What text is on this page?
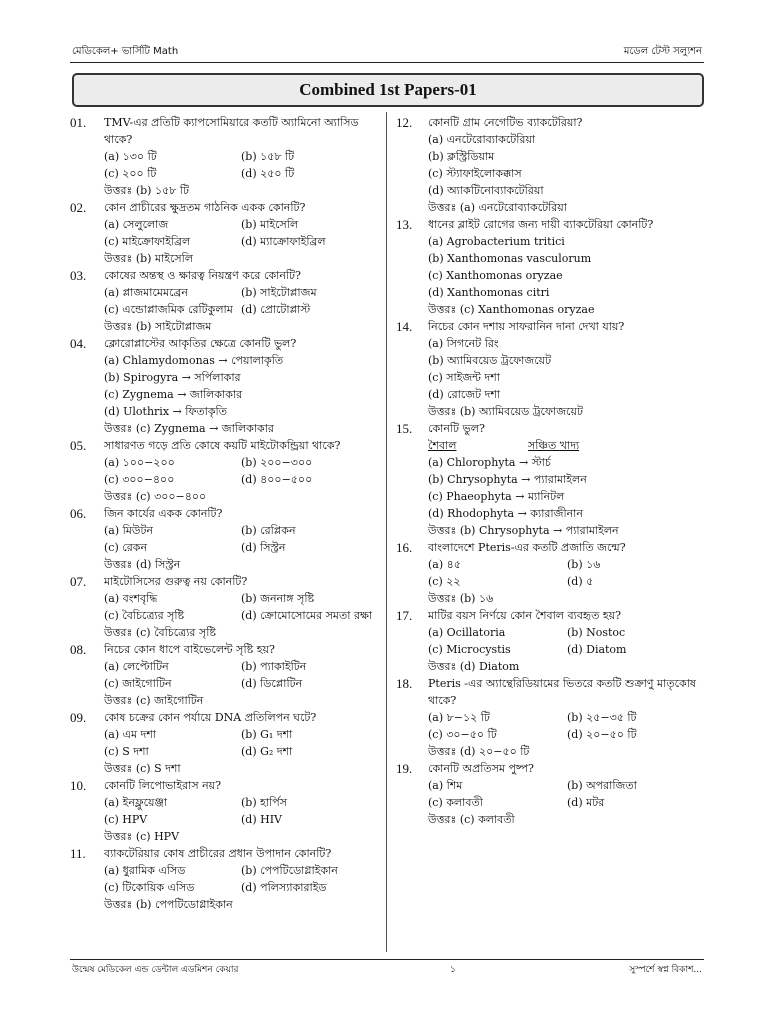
মেডিকেল+ ভার্সিটি Math	মডেল টেস্ট সল্যুশন
Combined 1st Papers-01
01. TMV-এর প্রতিটি ক্যাপসোমিয়ারে কতটি অ্যামিনো অ্যাসিড থাকে?
(a) ১৩০ টি	(b) ১৫৮ টি
(c) ২০০ টি	(d) ২৫০ টি
উত্তরঃ (b) ১৫৮ টি
02. কোন প্রাচীরের ক্ষুদ্রতম গাঠনিক একক কোনটি?
(a) সেলুলোজ	(b) মাইসেলি
(c) মাইক্রোফাইব্রিল	(d) ম্যাক্রোফাইব্রিল
উত্তরঃ (b) মাইসেলি
03. কোষের অন্তস্থ ও ক্ষারত্ব নিয়ন্ত্রণ করে কোনটি?
(a) প্লাজমামেমব্রেন	(b) সাইটোপ্লাজম
(c) এন্ডোপ্লাজমিক রেটিকুলাম (d) প্রোটোপ্লাস্ট
উত্তরঃ (b) সাইটোপ্লাজম
04. ক্লোরোপ্লাস্টের আকৃতির ক্ষেত্রে কোনটি ভুল?
(a) Chlamydomonas → পেয়ালাকৃতি
(b) Spirogyra → সর্পিলাকার
(c) Zygnema → জালিকাকার
(d) Ulothrix → ফিতাকৃতি
উত্তরঃ (c) Zygnema → জালিকাকার
05. সাধারণত গড়ে প্রতি কোষে কয়টি মাইটোকন্ড্রিয়া থাকে?
(a) ১০০−২০০	(b) ২০০−৩০০
(c) ৩০০−৪০০	(d) ৪০০−৫০০
উত্তরঃ (c) ৩০০−৪০০
06. জিন কার্যের একক কোনটি?
(a) মিউটন	(b) রেপ্লিকন
(c) রেকন	(d) সিস্ট্রন
উত্তরঃ (d) সিস্ট্রন
07. মাইটোসিসের গুরুত্ব নয় কোনটি?
(a) বংশবৃদ্ধি	(b) জননাঙ্গ সৃষ্টি
(c) বৈচিত্র্যের সৃষ্টি	(d) ক্রোমোসোমের সমতা রক্ষা
উত্তরঃ (c) বৈচিত্র্যের সৃষ্টি
08. নিচের কোন ধাপে বাইভেলেন্ট সৃষ্টি হয়?
(a) লেপ্টোটিন	(b) প্যাকাইটিন
(c) জাইগোটিন	(d) ডিপ্লোটিন
উত্তরঃ (c) জাইগোটিন
09. কোষ চক্রের কোন পর্যায়ে DNA প্রতিলিপন ঘটে?
(a) এম দশা	(b) G₁ দশা
(c) S দশা	(d) G₂ দশা
উত্তরঃ (c) S দশা
10. কোনটি লিপোভাইরাস নয়?
(a) ইনফ্লুয়েঞ্জা	(b) হার্পিস
(c) HPV	(d) HIV
উত্তরঃ (c) HPV
11. ব্যাকটেরিয়ার কোষ প্রাচীরের প্রধান উপাদান কোনটি?
(a) ধুরামিক এসিড	(b) পেপটিডোগ্লাইকান
(c) টিকোয়িক এসিড	(d) পলিস্যাকারাইড
উত্তরঃ (b) পেপটিডোগ্লাইকান
12. কোনটি গ্রাম নেগেটিভ ব্যাকটেরিয়া?
(a) এনটেরোব্যাকটেরিয়া
(b) ক্লস্ট্রিডিয়াম
(c) স্ট্যাফাইলোকক্কাস
(d) অ্যাকটিনোব্যাকটেরিয়া
উত্তরঃ (a) এনটেরোব্যাকটেরিয়া
13. ধানের ব্লাইট রোগের জন্য দায়ী ব্যাকটেরিয়া কোনটি?
(a) Agrobacterium tritici
(b) Xanthomonas vasculorum
(c) Xanthomonas oryzae
(d) Xanthomonas citri
উত্তরঃ (c) Xanthomonas oryzae
14. নিচের কোন দশায় সাফরানিন দানা দেখা যায়?
(a) সিগনেট রিং
(b) অ্যামিবয়েড ট্রফোজয়েট
(c) সাইজন্ট দশা
(d) রোজেট দশা
উত্তরঃ (b) অ্যামিবয়েড ট্রফোজয়েট
15. কোনটি ভুল?
শৈবাল	সঞ্চিত খাদ্য
(a) Chlorophyta → স্টার্চ
(b) Chrysophyta → প্যারামাইলন
(c) Phaeophyta → ম্যানিটল
(d) Rhodophyta → ক্যারাজীনান
উত্তরঃ (b) Chrysophyta → প্যারামাইলন
16. বাংলাদেশে Pteris-এর কতটি প্রজাতি জন্মে?
(a) ৪৫	(b) ১৬
(c) ২২	(d) ৫
উত্তরঃ (b) ১৬
17. মাটির বয়স নির্ণয়ে কোন শৈবাল ব্যবহৃত হয়?
(a) Ocillatoria	(b) Nostoc
(c) Microcystis	(d) Diatom
উত্তরঃ (d) Diatom
18. Pteris -এর অ্যান্থেরিডিয়ামের ভিতরে কতটি শুক্রাণু মাতৃকোষ থাকে?
(a) ৮−১২ টি	(b) ২৫−৩৫ টি
(c) ৩০−৫০ টি	(d) ২০−৫০ টি
উত্তরঃ (d) ২০−৫০ টি
19. কোনটি অপ্রতিসম পুষ্প?
(a) শিম	(b) অপরাজিতা
(c) কলাবতী	(d) মটর
উত্তরঃ (c) কলাবতী
উন্মেষ মেডিকেল এন্ড ডেন্টাল এডমিশন কেয়ার	১	সুস্পর্শে স্বপ্ন বিকাশ...
